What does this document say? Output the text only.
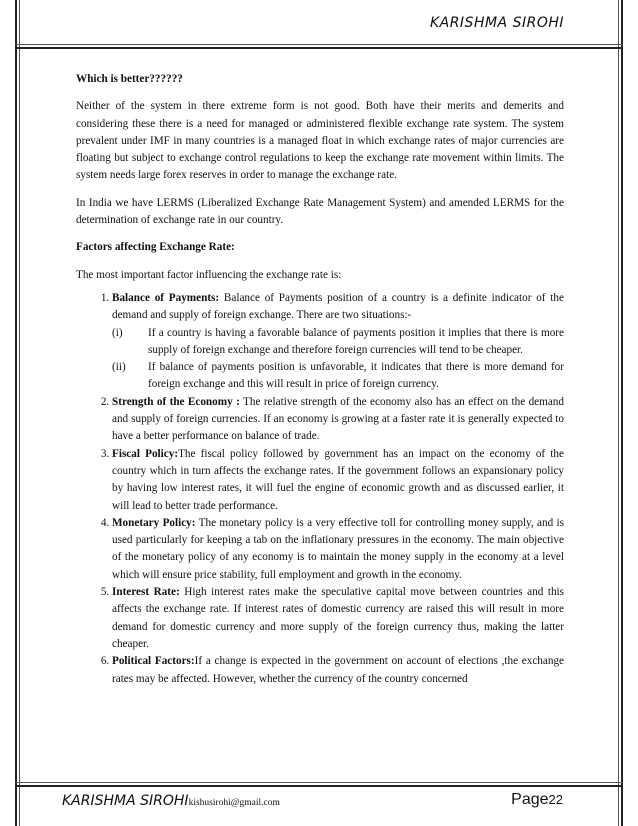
KARISHMA SIROHI

Which is better??????

Neither of the system in there extreme form is not good. Both have their merits and demerits and considering these there is a need for managed or administered flexible exchange rate system. The system prevalent under IMF in many countries is a managed float in which exchange rates of major currencies are floating but subject to exchange control regulations to keep the exchange rate movement within limits. The system needs large forex reserves in order to manage the exchange rate.

In India we have LERMS (Liberalized Exchange Rate Management System) and amended LERMS for the determination of exchange rate in our country.

Factors affecting Exchange Rate:

The most important factor influencing the exchange rate is:

1. Balance of Payments: Balance of Payments position of a country is a definite indicator of the demand and supply of foreign exchange. There are two situations:-
(i)	If a country is having a favorable balance of payments position it implies that there is more supply of foreign exchange and therefore foreign currencies will tend to be cheaper.
(ii)	If balance of payments position is unfavorable, it indicates that there is more demand for foreign exchange and this will result in price of foreign currency.
2. Strength of the Economy : The relative strength of the economy also has an effect on the demand and supply of foreign currencies. If an economy is growing at a faster rate it is generally expected to have a better performance on balance of trade.
3. Fiscal Policy:The fiscal policy followed by government has an impact on the economy of the country which in turn affects the exchange rates. If the government follows an expansionary policy by having low interest rates, it will fuel the engine of economic growth and as discussed earlier, it will lead to better trade performance.
4. Monetary Policy: The monetary policy is a very effective toll for controlling money supply, and is used particularly for keeping a tab on the inflationary pressures in the economy. The main objective of the monetary policy of any economy is to maintain the money supply in the economy at a level which will ensure price stability, full employment and growth in the economy.
5. Interest Rate: High interest rates make the speculative capital move between countries and this affects the exchange rate. If interest rates of domestic currency are raised this will result in more demand for domestic currency and more supply of the foreign currency thus, making the latter cheaper.
6. Political Factors:If a change is expected in the government on account of elections ,the exchange rates may be affected. However, whether the currency of the country concerned
KARISHMA SIROHIkishusirohi@gmail.com	Page22
